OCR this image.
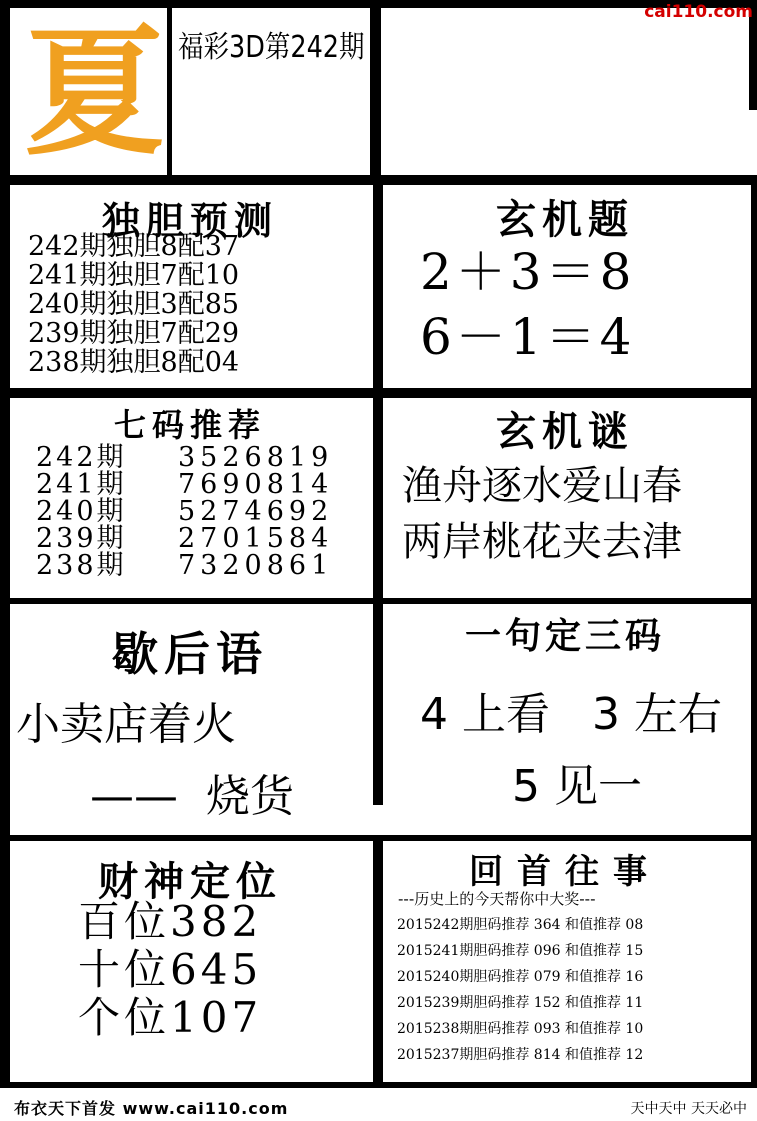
夏 福彩3D第242期
cai110.com
独胆预测
242期独胆8配37
241期独胆7配10
240期独胆3配85
239期独胆7配29
238期独胆8配04
玄机题
2＋3＝8
6－1＝4
七码推荐
242期 3526819
241期 7690814
240期 5274692
239期 2701584
238期 7320861
玄机谜
渔舟逐水爱山春
两岸桃花夹去津
歇后语
小卖店着火
——  烧货
一句定三码
4 上看   3 左右
5 见一
财神定位
百位382
十位645
个位107
回首往事
---历史上的今天帮你中大奖---
2015242期胆码推荐 364 和值推荐 08
2015241期胆码推荐 096 和值推荐 15
2015240期胆码推荐 079 和值推荐 16
2015239期胆码推荐 152 和值推荐 11
2015238期胆码推荐 093 和值推荐 10
2015237期胆码推荐 814 和值推荐 12
布衣天下首发 www.cai110.com	天中天中 天天必中
